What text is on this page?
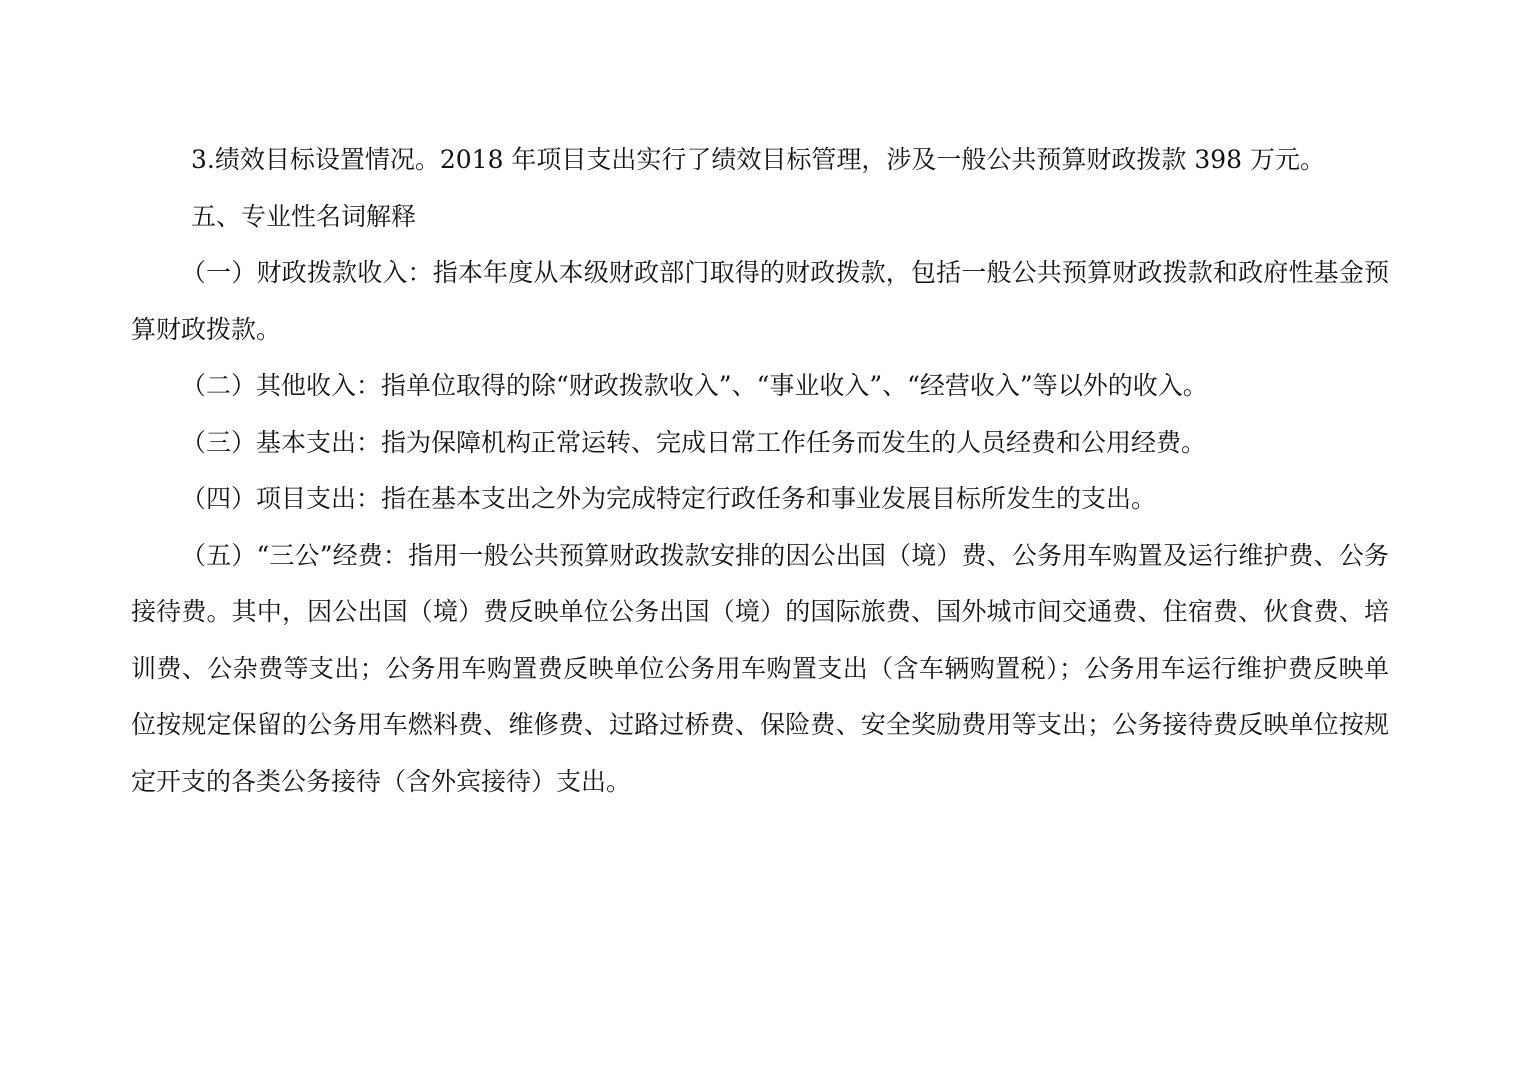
3.绩效目标设置情况。2018 年项目支出实行了绩效目标管理，涉及一般公共预算财政拨款 398 万元。

五、专业性名词解释

（一）财政拨款收入：指本年度从本级财政部门取得的财政拨款，包括一般公共预算财政拨款和政府性基金预算财政拨款。

（二）其他收入：指单位取得的除“财政拨款收入”、“事业收入”、“经营收入”等以外的收入。

（三）基本支出：指为保障机构正常运转、完成日常工作任务而发生的人员经费和公用经费。

（四）项目支出：指在基本支出之外为完成特定行政任务和事业发展目标所发生的支出。

（五）“三公”经费：指用一般公共预算财政拨款安排的因公出国（境）费、公务用车购置及运行维护费、公务接待费。其中，因公出国（境）费反映单位公务出国（境）的国际旅费、国外城市间交通费、住宿费、伙食费、培训费、公杂费等支出；公务用车购置费反映单位公务用车购置支出（含车辆购置税）；公务用车运行维护费反映单位按规定保留的公务用车燃料费、维修费、过路过桥费、保险费、安全奖励费用等支出；公务接待费反映单位按规定开支的各类公务接待（含外宾接待）支出。
